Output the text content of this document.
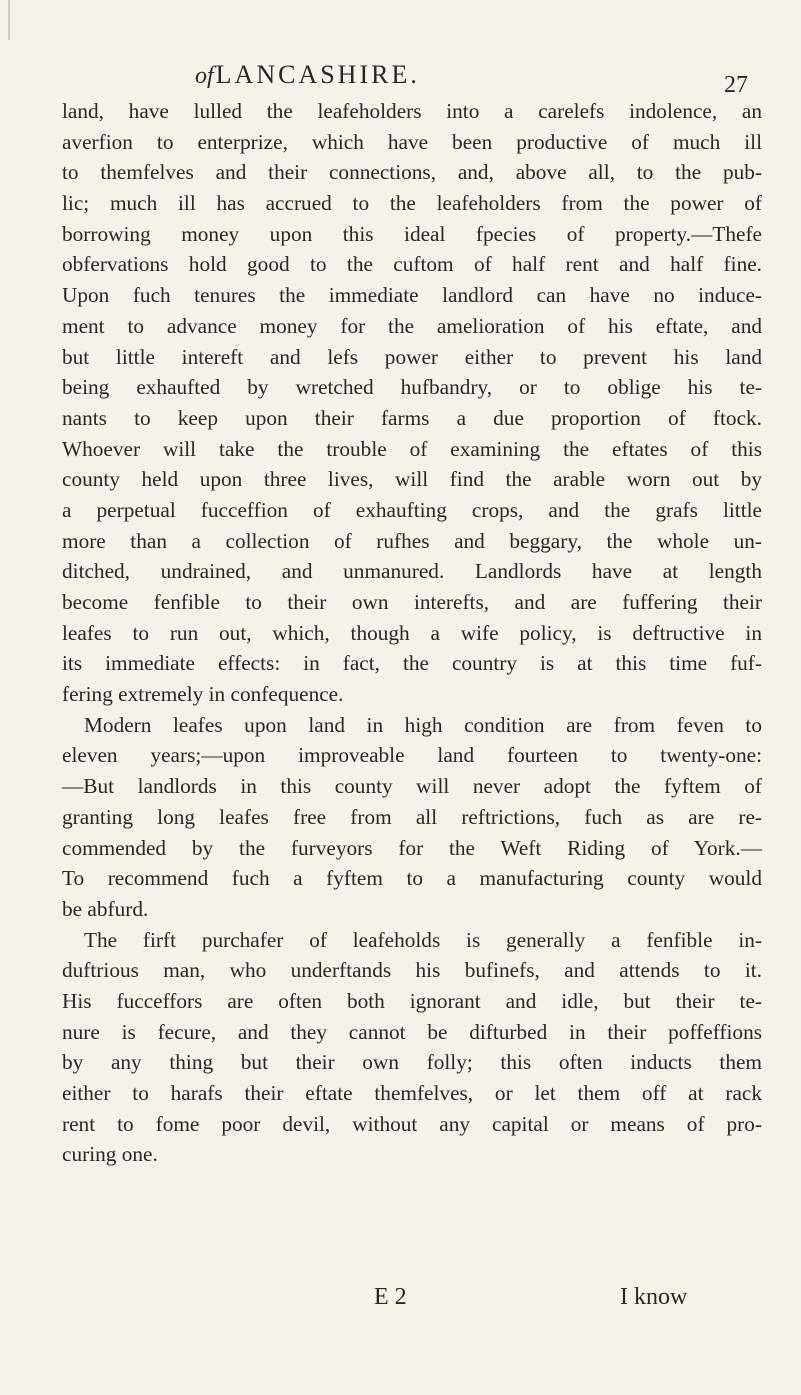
ofLANCASHIRE.	27
land, have lulled the leafeholders into a carelefs indolence, an
averfion to enterprize, which have been productive of much ill
to themfelves and their connections, and, above all, to the pub-
lic; much ill has accrued to the leafeholders from the power of
borrowing money upon this ideal fpecies of property.—Thefe
obfervations hold good to the cuftom of half rent and half fine.
Upon fuch tenures the immediate landlord can have no induce-
ment to advance money for the amelioration of his eftate, and
but little intereft and lefs power either to prevent his land
being exhaufted by wretched hufbandry, or to oblige his te-
nants to keep upon their farms a due proportion of ftock.
Whoever will take the trouble of examining the eftates of this
county held upon three lives, will find the arable worn out by
a perpetual fucceffion of exhaufting crops, and the grafs little
more than a collection of rufhes and beggary, the whole un-
ditched, undrained, and unmanured. Landlords have at length
become fenfible to their own interefts, and are fuffering their
leafes to run out, which, though a wife policy, is deftructive in
its immediate effects: in fact, the country is at this time fuf-
fering extremely in confequence.
Modern leafes upon land in high condition are from feven to
eleven years;—upon improveable land fourteen to twenty-one:
—But landlords in this county will never adopt the fyftem of
granting long leafes free from all reftrictions, fuch as are re-
commended by the furveyors for the Weft Riding of York.—
To recommend fuch a fyftem to a manufacturing county would
be abfurd.
The firft purchafer of leafeholds is generally a fenfible in-
duftrious man, who underftands his bufinefs, and attends to it.
His fucceffors are often both ignorant and idle, but their te-
nure is fecure, and they cannot be difturbed in their poffeffions
by any thing but their own folly; this often inducts them
either to harafs their eftate themfelves, or let them off at rack
rent to fome poor devil, without any capital or means of pro-
curing one.
E 2	I know
